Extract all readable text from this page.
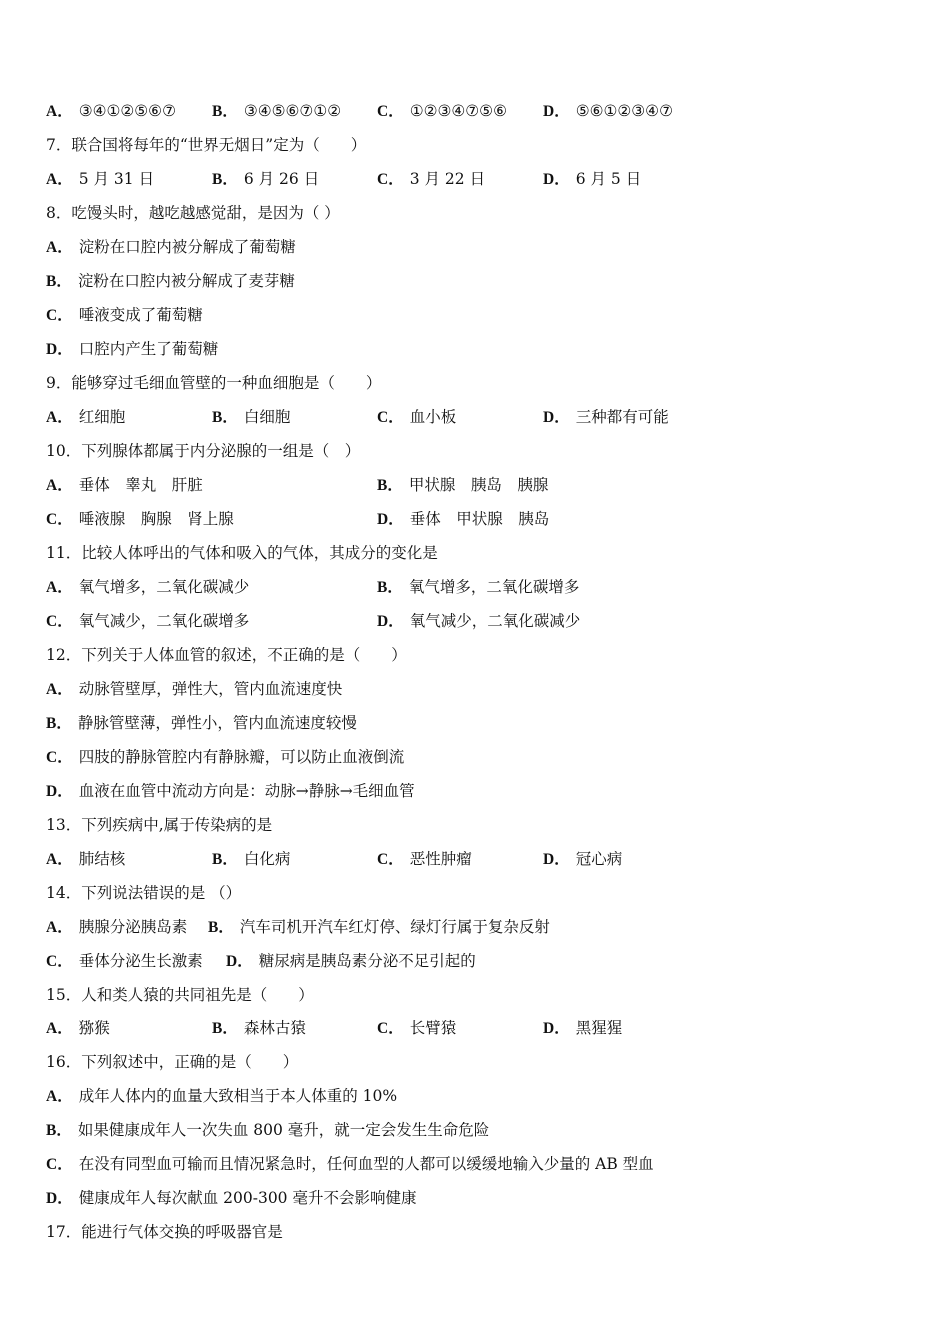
A． ③④①②⑤⑥⑦ B． ③④⑤⑥⑦①② C． ①②③④⑦⑤⑥ D． ⑤⑥①②③④⑦
7．联合国将每年的“世界无烟日”定为（　　）
A． 5 月 31 日	B． 6 月 26 日	C． 3 月 22 日	D． 6 月 5 日
8．吃馒头时，越吃越感觉甜，是因为（ ）
A． 淀粉在口腔内被分解成了葡萄糖
B． 淀粉在口腔内被分解成了麦芽糖
C． 唾液变成了葡萄糖
D． 口腔内产生了葡萄糖
9．能够穿过毛细血管壁的一种血细胞是（　　）
A． 红细胞	B． 白细胞	C． 血小板	D． 三种都有可能
10．下列腺体都属于内分泌腺的一组是（　）
A． 垂体　睾丸　肝脏	B． 甲状腺　胰岛　胰腺
C． 唾液腺　胸腺　肾上腺	D． 垂体　甲状腺　胰岛
11．比较人体呼出的气体和吸入的气体，其成分的变化是
A． 氧气增多，二氧化碳减少	B． 氧气增多，二氧化碳增多
C． 氧气减少，二氧化碳增多	D． 氧气减少，二氧化碳减少
12．下列关于人体血管的叙述，不正确的是（　　）
A． 动脉管壁厚，弹性大，管内血流速度快
B． 静脉管壁薄，弹性小，管内血流速度较慢
C． 四肢的静脉管腔内有静脉瓣，可以防止血液倒流
D． 血液在血管中流动方向是：动脉→静脉→毛细血管
13．下列疾病中,属于传染病的是
A． 肺结核	B． 白化病	C． 恶性肿瘤	D． 冠心病
14．下列说法错误的是 （）
A． 胰腺分泌胰岛素 B． 汽车司机开汽车红灯停、绿灯行属于复杂反射
C． 垂体分泌生长激素 D． 糖尿病是胰岛素分泌不足引起的
15．人和类人猿的共同祖先是（　　）
A． 猕猴	B． 森林古猿	C． 长臂猿	D． 黑猩猩
16．下列叙述中，正确的是（　　）
A． 成年人体内的血量大致相当于本人体重的 10%
B． 如果健康成年人一次失血 800 毫升，就一定会发生生命危险
C． 在没有同型血可输而且情况紧急时，任何血型的人都可以缓缓地输入少量的 AB 型血
D． 健康成年人每次献血 200-300 毫升不会影响健康
17．能进行气体交换的呼吸器官是
